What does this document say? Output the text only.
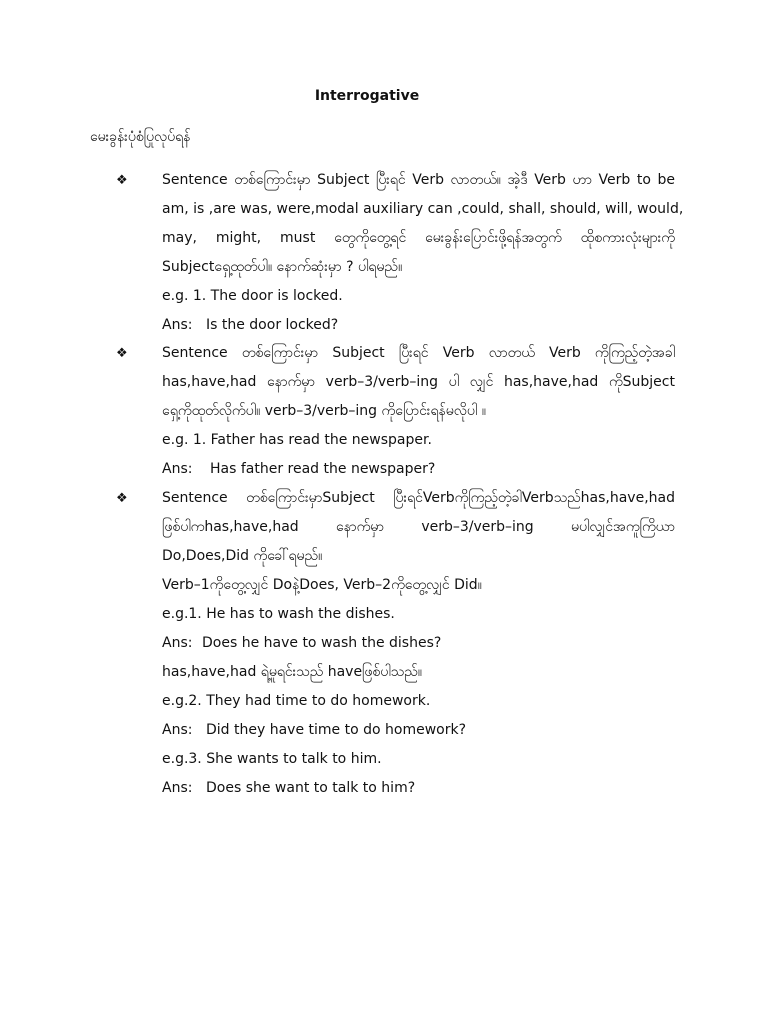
Interrogative

မေးခွန်းပုံစံပြုလုပ်ရန်

❖ Sentence တစ်ကြောင်းမှာ Subject ပြီးရင် Verb လာတယ်။ အဲ့ဒီ Verb ဟာ Verb to be
am, is ,are was, were,modal auxiliary can ,could, shall, should, will, would,
may, might, must တွေကိုတွေ့ရင် မေးခွန်းပြောင်းဖို့ရန်အတွက် ထိုစကားလုံးများကို
Subjectရှေ့ထုတ်ပါ။ နောက်ဆုံးမှာ ? ပါရမည်။
e.g. 1. The door is locked.
Ans: Is the door locked?
❖ Sentence တစ်ကြောင်းမှာ Subject ပြီးရင် Verb လာတယ် Verb ကိုကြည့်တဲ့အခါ
has,have,had နောက်မှာ verb–3/verb–ing ပါ လျှင် has,have,had ကိုSubject
ရှေ့ကိုထုတ်လိုက်ပါ။ verb–3/verb–ing ကိုပြောင်းရန်မလိုပါ ။
e.g. 1. Father has read the newspaper.
Ans: Has father read the newspaper?
❖ Sentence တစ်ကြောင်းမှာSubject ပြီးရင်Verbကိုကြည့်တဲ့ခါVerbသည်has,have,had
ဖြစ်ပါကhas,have,had နောက်မှာ verb–3/verb–ing မပါလျှင်အကူကြိယာ
Do,Does,Did ကိုခေါ်ရမည်။
Verb–1ကိုတွေ့လျှင် Doနဲ့Does, Verb–2ကိုတွေ့လျှင် Did။
e.g.1. He has to wash the dishes.
Ans: Does he have to wash the dishes?
has,have,had ရဲ့မူရင်းသည် haveဖြစ်ပါသည်။
e.g.2. They had time to do homework.
Ans: Did they have time to do homework?
e.g.3. She wants to talk to him.
Ans: Does she want to talk to him?
